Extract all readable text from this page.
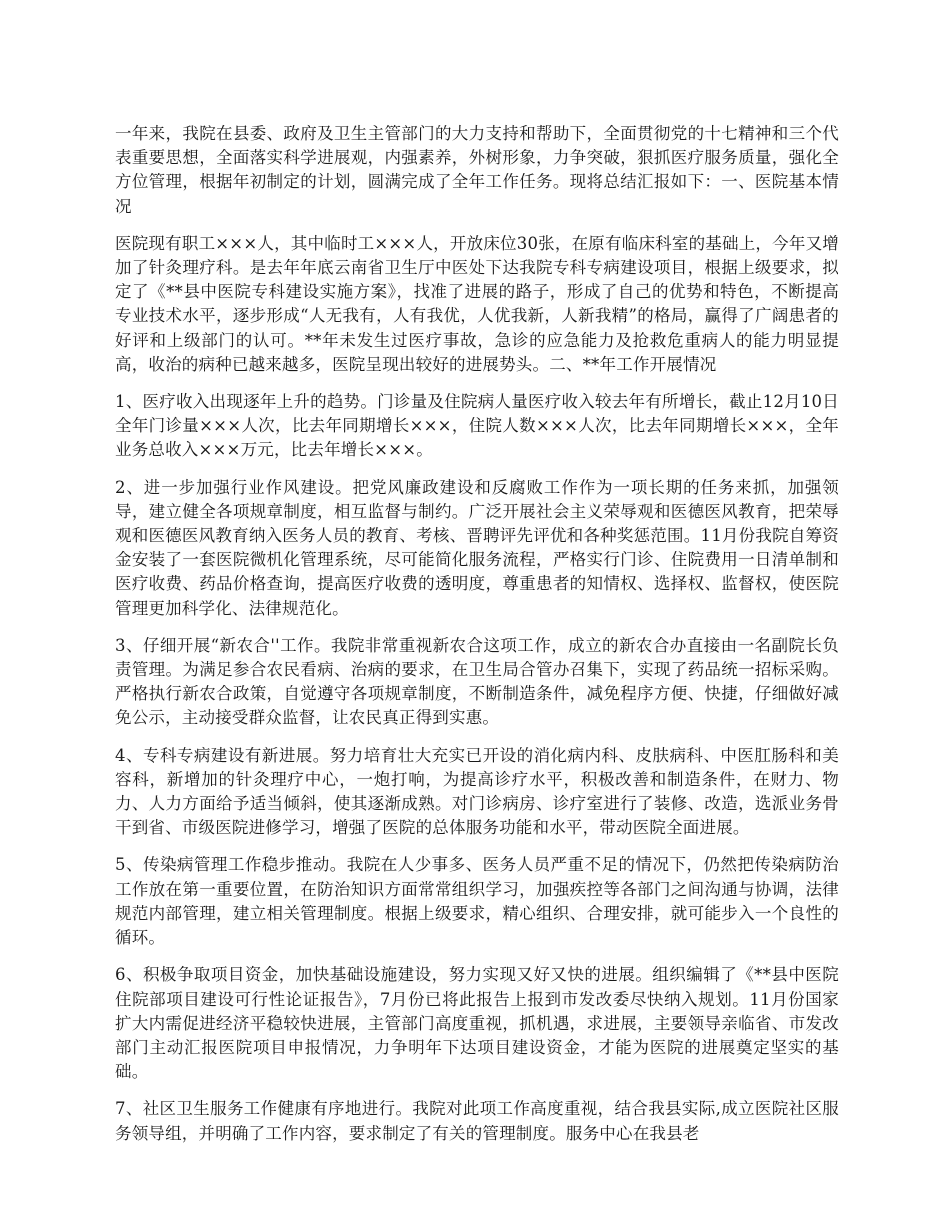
一年来，我院在县委、政府及卫生主管部门的大力支持和帮助下，全面贯彻党的十七精神和三个代表重要思想，全面落实科学进展观，内强素养，外树形象，力争突破，狠抓医疗服务质量，强化全方位管理，根据年初制定的计划，圆满完成了全年工作任务。现将总结汇报如下：一、医院基本情况

医院现有职工×××人，其中临时工×××人，开放床位30张，在原有临床科室的基础上，今年又增加了针灸理疗科。是去年年底云南省卫生厅中医处下达我院专科专病建设项目，根据上级要求，拟定了《**县中医院专科建设实施方案》，找准了进展的路子，形成了自己的优势和特色，不断提高专业技术水平，逐步形成“人无我有，人有我优，人优我新，人新我精”的格局，赢得了广阔患者的好评和上级部门的认可。**年未发生过医疗事故，急诊的应急能力及抢救危重病人的能力明显提高，收治的病种已越来越多，医院呈现出较好的进展势头。二、**年工作开展情况

1、医疗收入出现逐年上升的趋势。门诊量及住院病人量医疗收入较去年有所增长，截止12月10日全年门诊量×××人次，比去年同期增长×××，住院人数×××人次，比去年同期增长×××，全年业务总收入×××万元，比去年增长×××。

2、进一步加强行业作风建设。把党风廉政建设和反腐败工作作为一项长期的任务来抓，加强领导，建立健全各项规章制度，相互监督与制约。广泛开展社会主义荣辱观和医德医风教育，把荣辱观和医德医风教育纳入医务人员的教育、考核、晋聘评先评优和各种奖惩范围。11月份我院自筹资金安装了一套医院微机化管理系统，尽可能简化服务流程，严格实行门诊、住院费用一日清单制和医疗收费、药品价格查询，提高医疗收费的透明度，尊重患者的知情权、选择权、监督权，使医院管理更加科学化、法律规范化。

3、仔细开展“新农合''工作。我院非常重视新农合这项工作，成立的新农合办直接由一名副院长负责管理。为满足参合农民看病、治病的要求，在卫生局合管办召集下，实现了药品统一招标采购。严格执行新农合政策，自觉遵守各项规章制度，不断制造条件，减免程序方便、快捷，仔细做好减免公示，主动接受群众监督，让农民真正得到实惠。

4、专科专病建设有新进展。努力培育壮大充实已开设的消化病内科、皮肤病科、中医肛肠科和美容科，新增加的针灸理疗中心，一炮打响，为提高诊疗水平，积极改善和制造条件，在财力、物力、人力方面给予适当倾斜，使其逐渐成熟。对门诊病房、诊疗室进行了装修、改造，选派业务骨干到省、市级医院进修学习，增强了医院的总体服务功能和水平，带动医院全面进展。

5、传染病管理工作稳步推动。我院在人少事多、医务人员严重不足的情况下，仍然把传染病防治工作放在第一重要位置，在防治知识方面常常组织学习，加强疾控等各部门之间沟通与协调，法律规范内部管理，建立相关管理制度。根据上级要求，精心组织、合理安排，就可能步入一个良性的循环。

6、积极争取项目资金，加快基础设施建设，努力实现又好又快的进展。组织编辑了《**县中医院住院部项目建设可行性论证报告》，7月份已将此报告上报到市发改委尽快纳入规划。11月份国家扩大内需促进经济平稳较快进展，主管部门高度重视，抓机遇，求进展，主要领导亲临省、市发改部门主动汇报医院项目申报情况，力争明年下达项目建设资金，才能为医院的进展奠定坚实的基础。

7、社区卫生服务工作健康有序地进行。我院对此项工作高度重视，结合我县实际,成立医院社区服务领导组，并明确了工作内容，要求制定了有关的管理制度。服务中心在我县老
